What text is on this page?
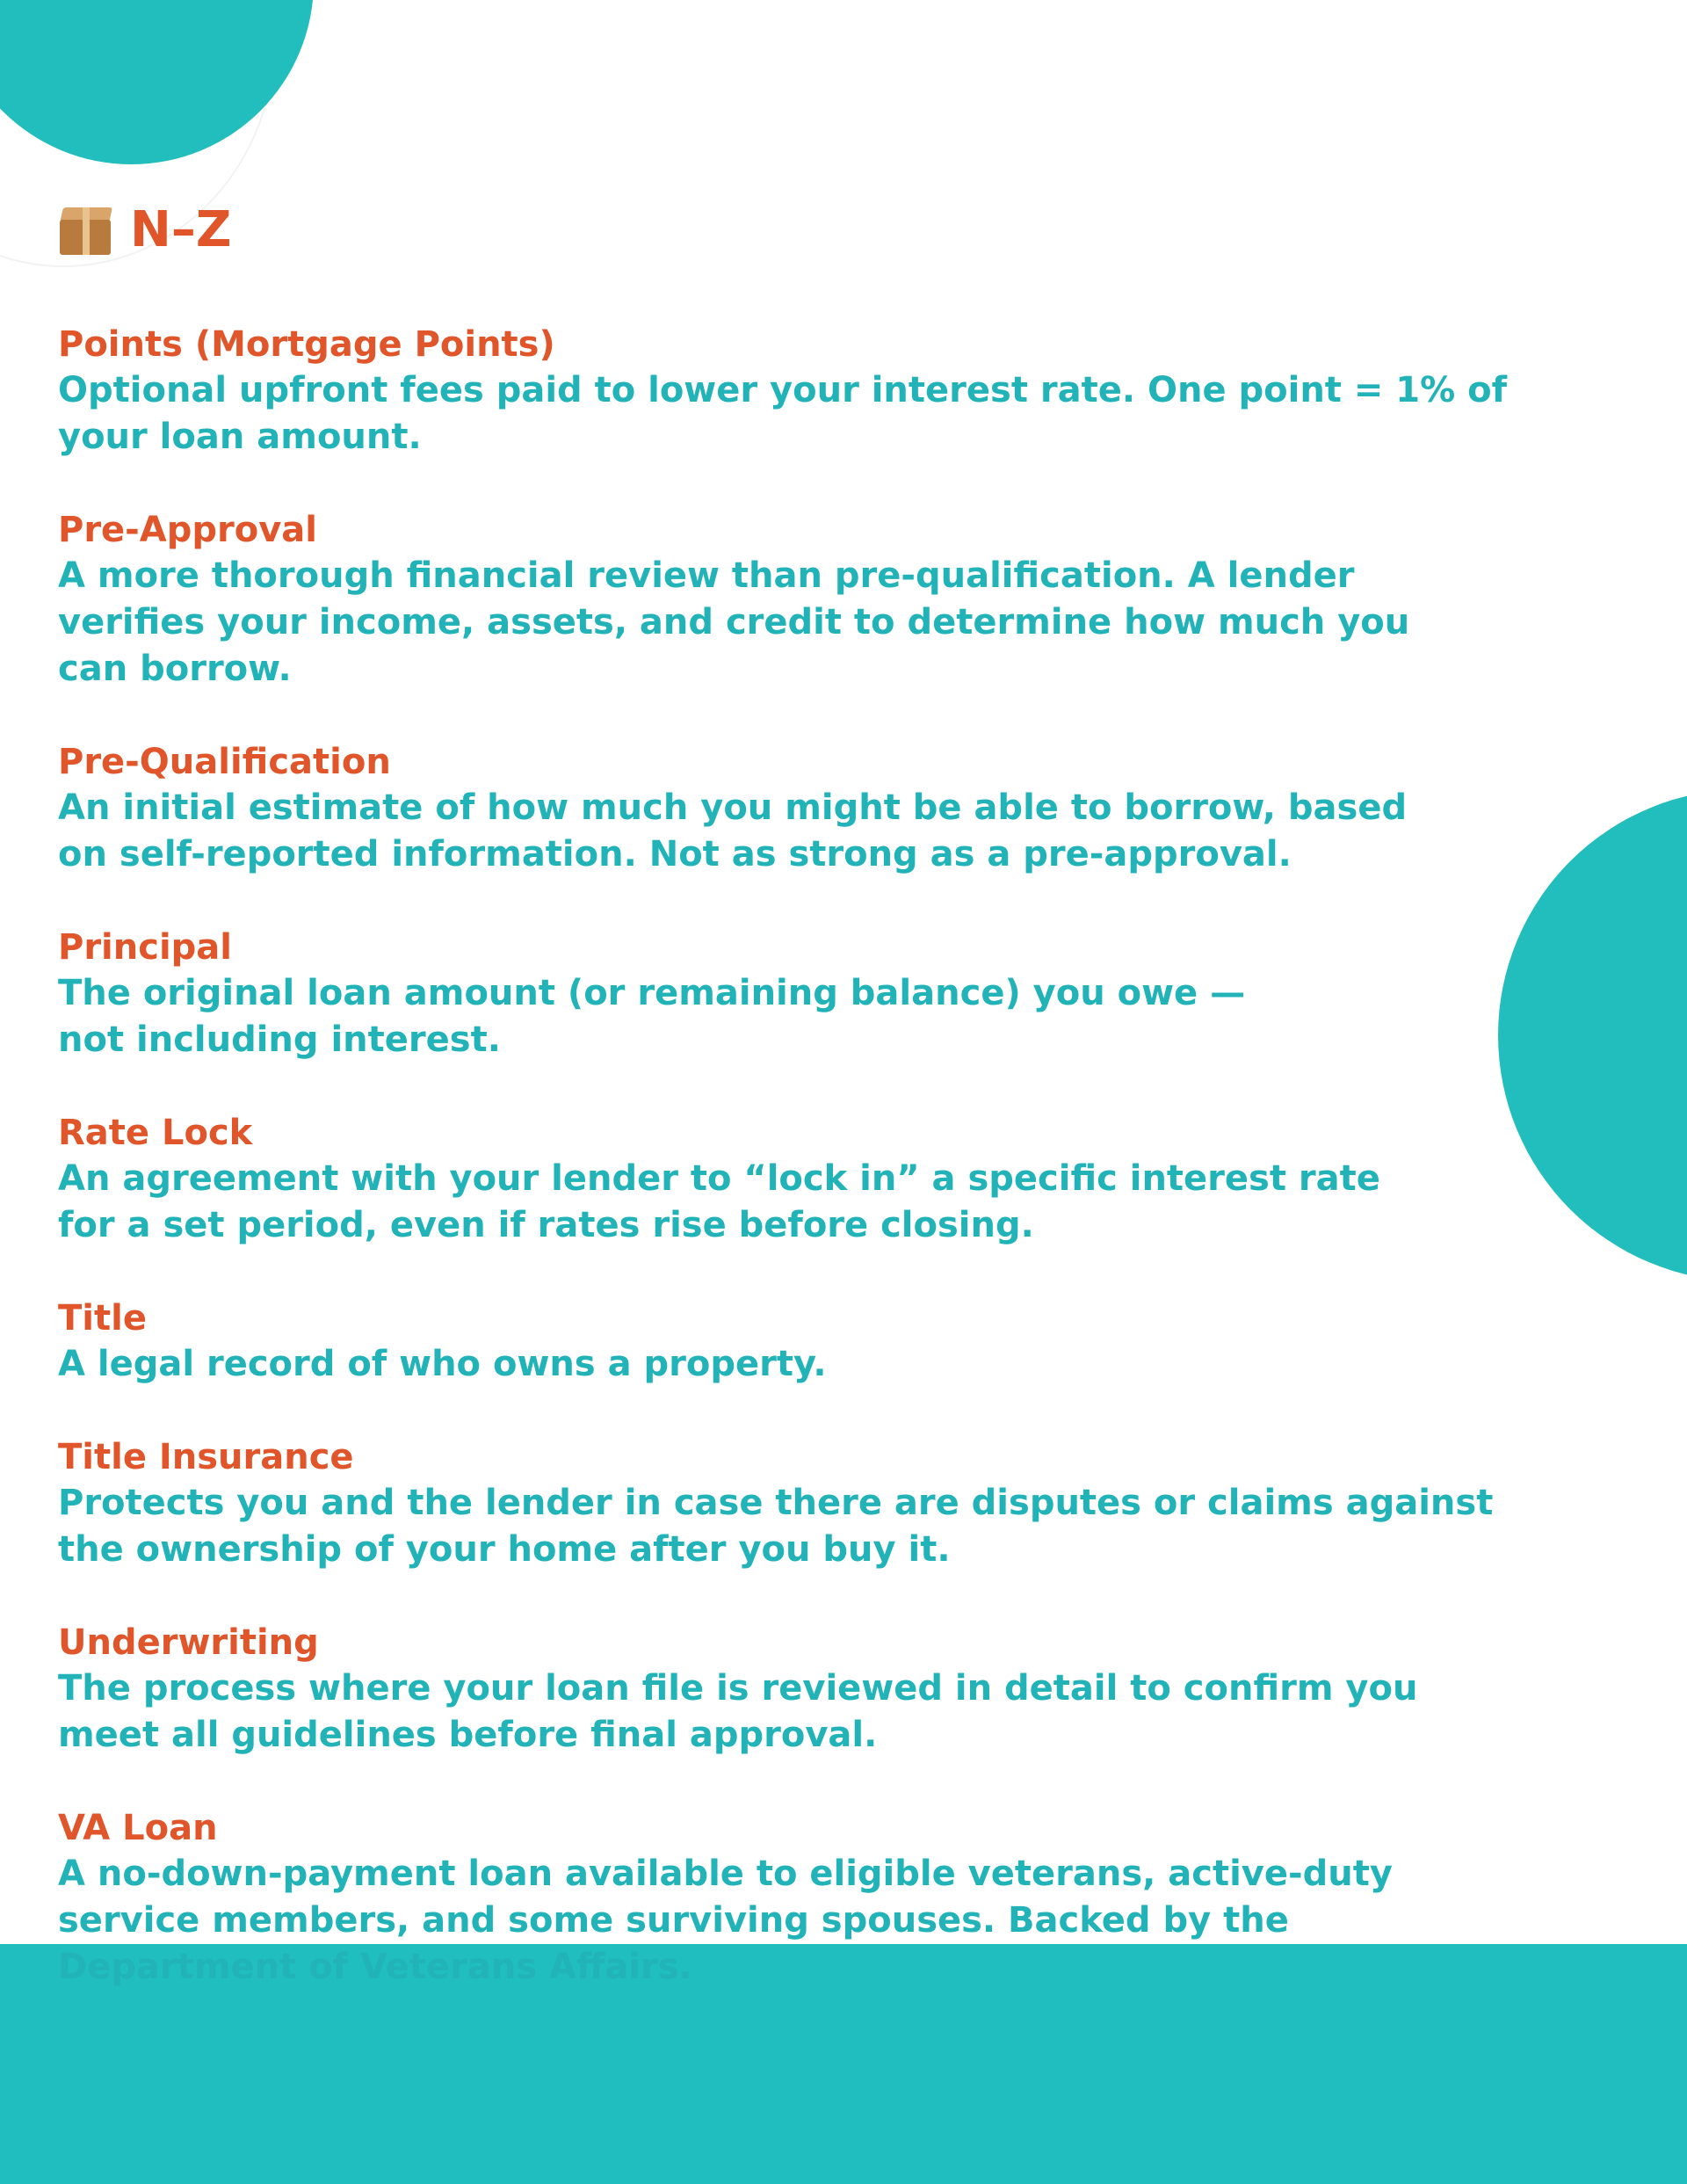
N–Z
Points (Mortgage Points)
Optional upfront fees paid to lower your interest rate. One point = 1% of your loan amount.
Pre-Approval
A more thorough financial review than pre-qualification. A lender verifies your income, assets, and credit to determine how much you can borrow.
Pre-Qualification
An initial estimate of how much you might be able to borrow, based on self-reported information. Not as strong as a pre-approval.
Principal
The original loan amount (or remaining balance) you owe — not including interest.
Rate Lock
An agreement with your lender to “lock in” a specific interest rate for a set period, even if rates rise before closing.
Title
A legal record of who owns a property.
Title Insurance
Protects you and the lender in case there are disputes or claims against the ownership of your home after you buy it.
Underwriting
The process where your loan file is reviewed in detail to confirm you meet all guidelines before final approval.
VA Loan
A no-down-payment loan available to eligible veterans, active-duty service members, and some surviving spouses. Backed by the Department of Veterans Affairs.
